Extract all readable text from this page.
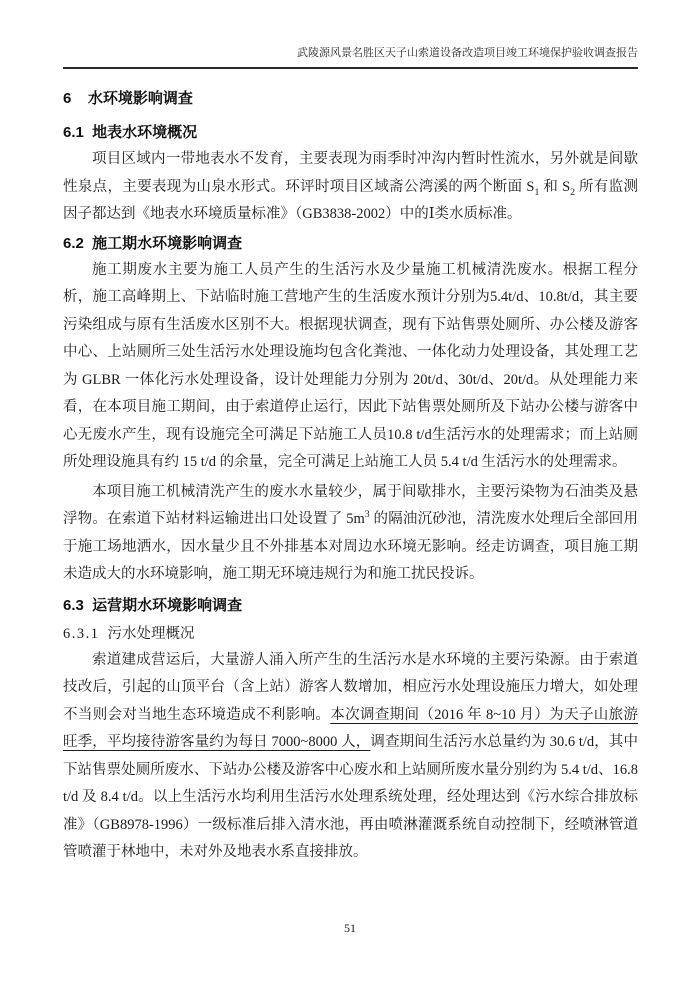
武陵源风景名胜区天子山索道设备改造项目竣工环境保护验收调查报告
6 水环境影响调查
6.1 地表水环境概况

项目区域内一带地表水不发育，主要表现为雨季时冲沟内暂时性流水，另外就是间歇性泉点，主要表现为山泉水形式。环评时项目区域斋公湾溪的两个断面 $S_1$ 和 $S_2$ 所有监测因子都达到《地表水环境质量标准》（GB3838-2002）中的Ⅰ类水质标准。

6.2 施工期水环境影响调查

施工期废水主要为施工人员产生的生活污水及少量施工机械清洗废水。根据工程分析，施工高峰期上、下站临时施工营地产生的生活废水预计分别为5.4t/d、10.8t/d，其主要污染组成与原有生活废水区别不大。根据现状调查，现有下站售票处厕所、办公楼及游客中心、上站厕所三处生活污水处理设施均包含化粪池、一体化动力处理设备，其处理工艺为 GLBR 一体化污水处理设备，设计处理能力分别为 20t/d、30t/d、20t/d。从处理能力来看，在本项目施工期间，由于索道停止运行，因此下站售票处厕所及下站办公楼与游客中心无废水产生，现有设施完全可满足下站施工人员10.8 t/d生活污水的处理需求；而上站厕所处理设施具有约 15 t/d 的余量，完全可满足上站施工人员 5.4 t/d 生活污水的处理需求。

本项目施工机械清洗产生的废水水量较少，属于间歇排水，主要污染物为石油类及悬浮物。在索道下站材料运输进出口处设置了 $5m^3$ 的隔油沉砂池，清洗废水处理后全部回用于施工场地洒水，因水量少且不外排基本对周边水环境无影响。经走访调查，项目施工期未造成大的水环境影响，施工期无环境违规行为和施工扰民投诉。

6.3 运营期水环境影响调查
6.3.1 污水处理概况

索道建成营运后，大量游人涌入所产生的生活污水是水环境的主要污染源。由于索道技改后，引起的山顶平台（含上站）游客人数增加，相应污水处理设施压力增大，如处理不当则会对当地生态环境造成不利影响。本次调查期间（2016 年 8~10 月）为天子山旅游旺季，平均接待游客量约为每日 7000~8000 人，调查期间生活污水总量约为 30.6 t/d，其中下站售票处厕所废水、下站办公楼及游客中心废水和上站厕所废水量分别约为 5.4 t/d、16.8 t/d 及 8.4 t/d。以上生活污水均利用生活污水处理系统处理，经处理达到《污水综合排放标准》（GB8978-1996）一级标准后排入清水池，再由喷淋灌溉系统自动控制下，经喷淋管道管喷灌于林地中，未对外及地表水系直接排放。

51
